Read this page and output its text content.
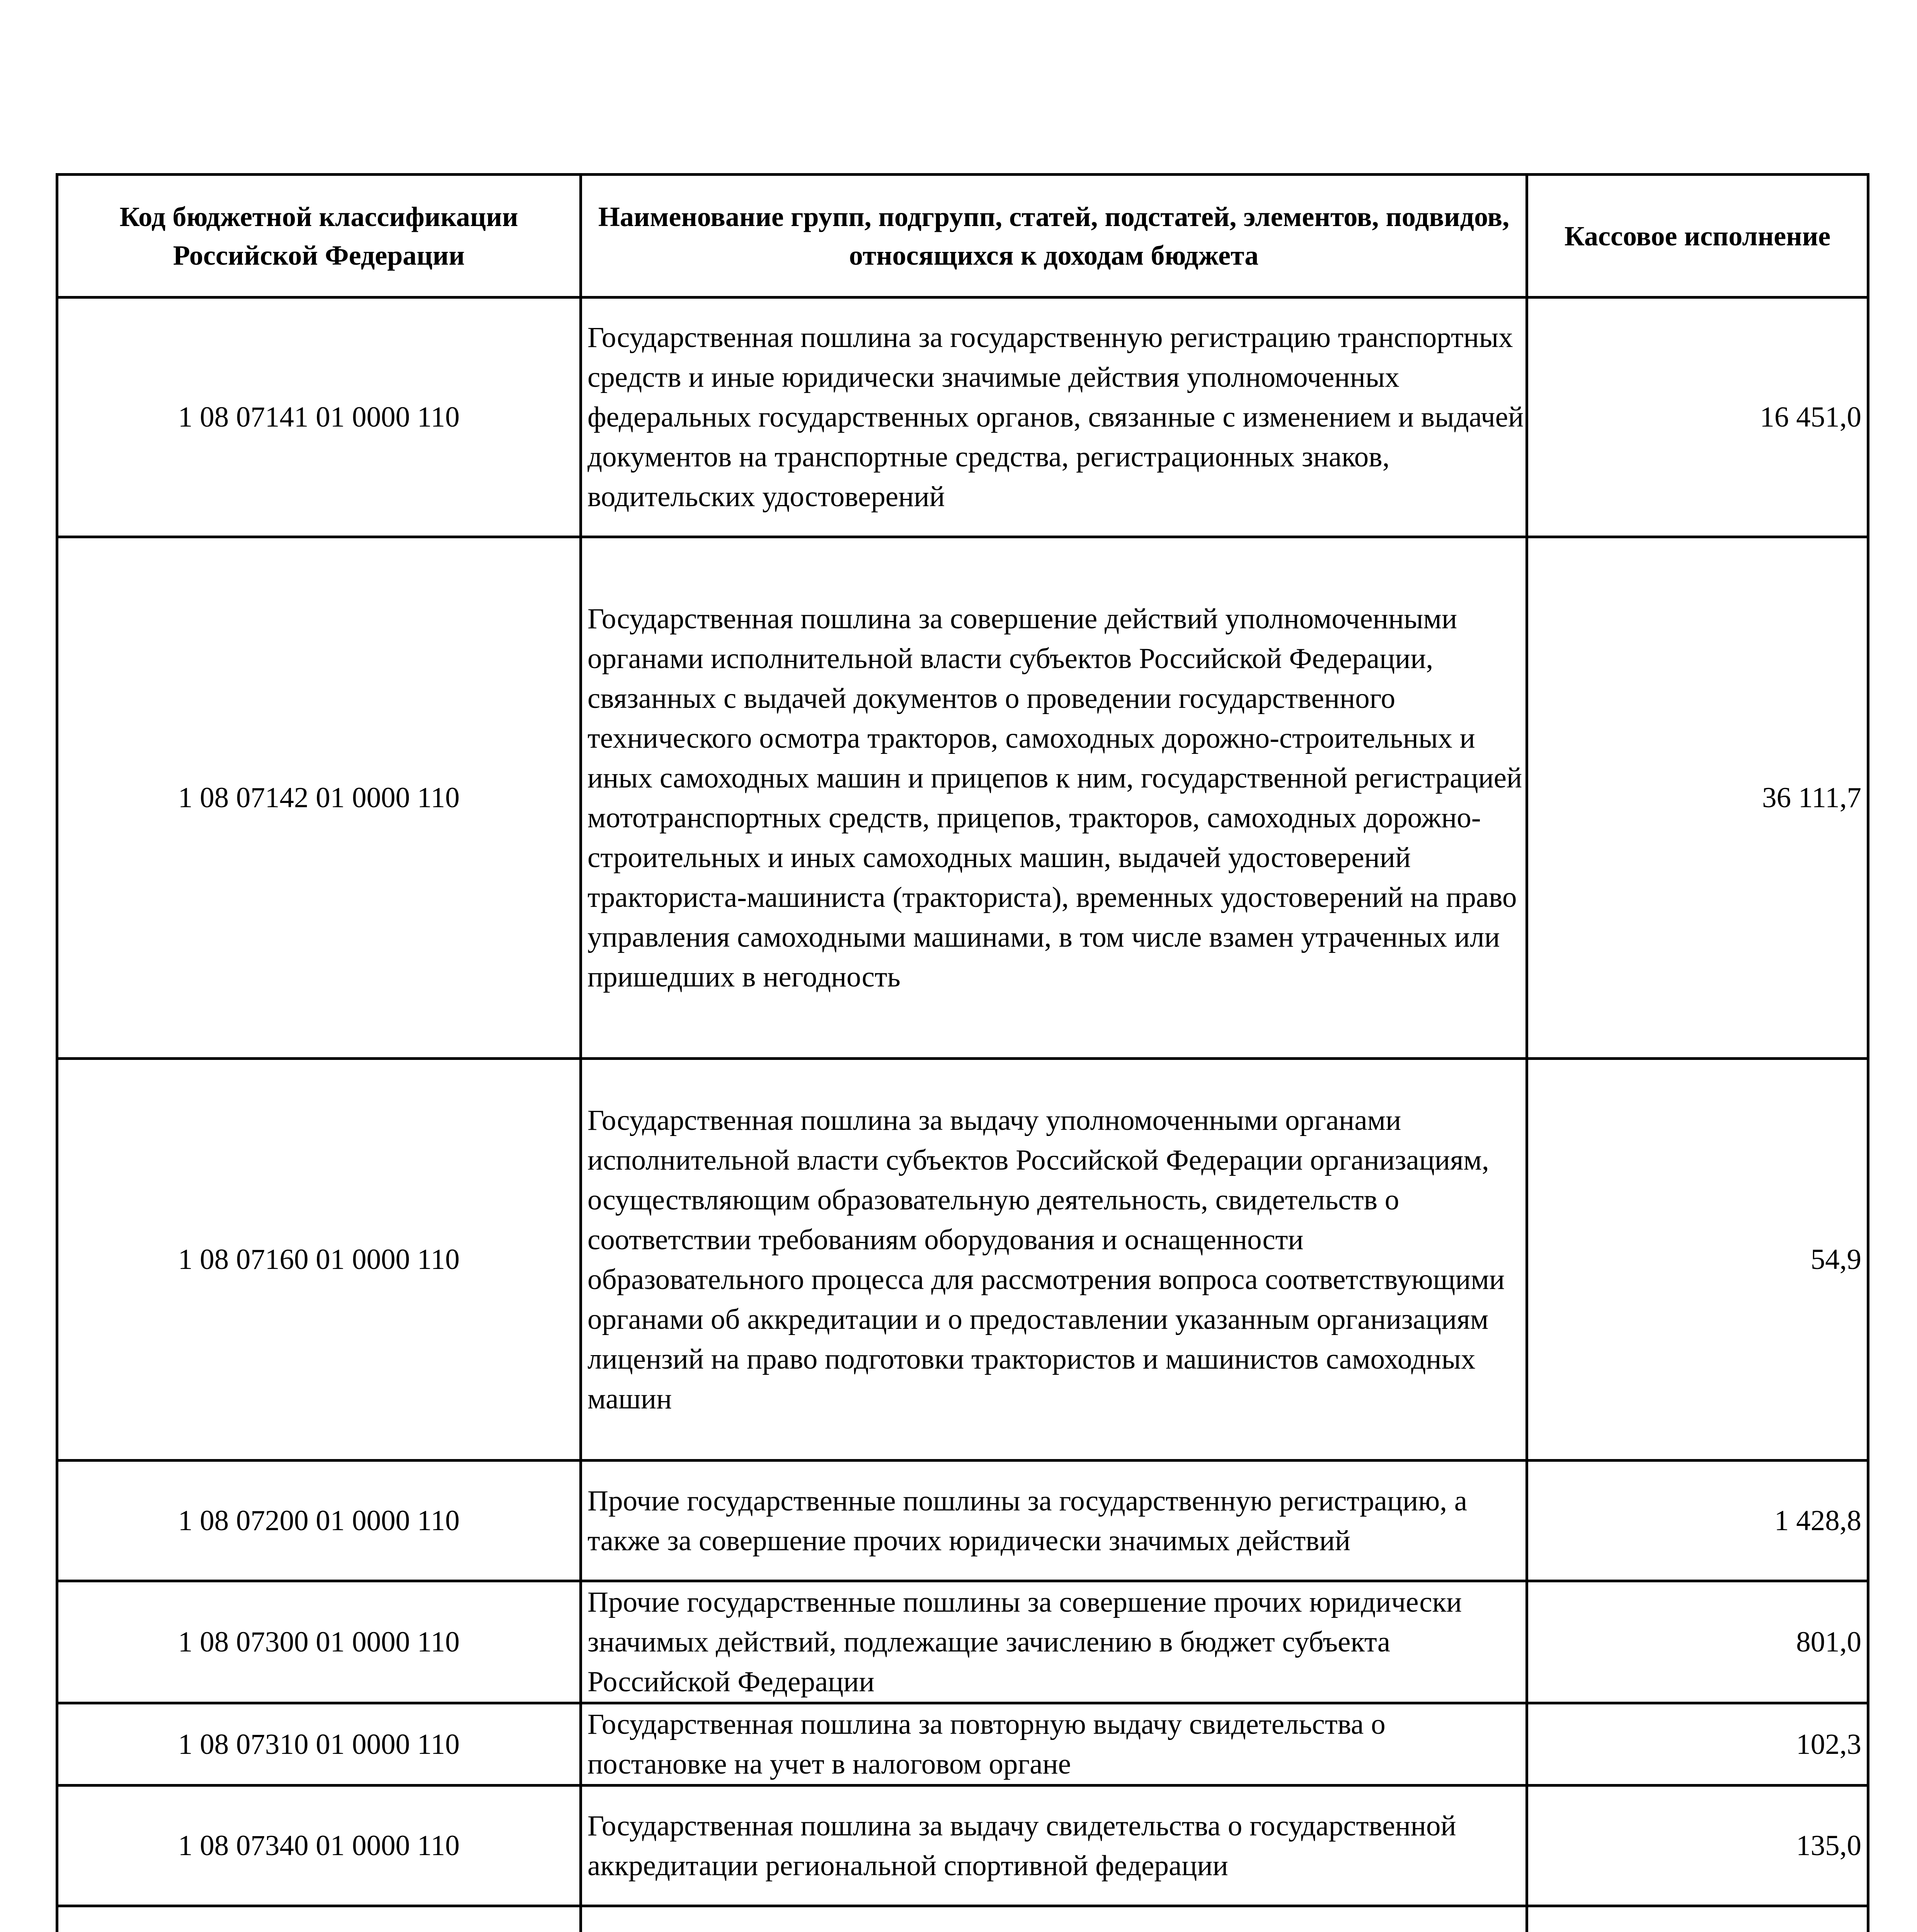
Код бюджетной классификации Российской Федерации	Наименование групп, подгрупп, статей, подстатей, элементов, подвидов, относящихся к доходам бюджета	Кассовое исполнение
1 08 07141 01 0000 110	Государственная пошлина за государственную регистрацию транспортных средств и иные юридически значимые действия уполномоченных федеральных государственных органов, связанные с изменением и выдачей документов на транспортные средства, регистрационных знаков, водительских удостоверений	16 451,0
1 08 07142 01 0000 110	Государственная пошлина за совершение действий уполномоченными органами исполнительной власти субъектов Российской Федерации, связанных с выдачей документов о проведении государственного технического осмотра тракторов, самоходных дорожно-строительных и иных самоходных машин и прицепов к ним, государственной регистрацией мототранспортных средств, прицепов, тракторов, самоходных дорожно-строительных и иных самоходных машин, выдачей удостоверений тракториста-машиниста (тракториста), временных удостоверений на право управления самоходными машинами, в том числе взамен утраченных или пришедших в негодность	36 111,7
1 08 07160 01 0000 110	Государственная пошлина за выдачу уполномоченными органами исполнительной власти субъектов Российской Федерации организациям, осуществляющим образовательную деятельность, свидетельств о соответствии требованиям оборудования и оснащенности образовательного процесса для рассмотрения вопроса соответствующими органами об аккредитации и о предоставлении указанным организациям лицензий на право подготовки трактористов и машинистов самоходных машин	54,9
1 08 07200 01 0000 110	Прочие государственные пошлины за государственную регистрацию, а также за совершение прочих юридически значимых действий	1 428,8
1 08 07300 01 0000 110	Прочие государственные пошлины за совершение прочих юридически значимых действий, подлежащие зачислению в бюджет субъекта Российской Федерации	801,0
1 08 07310 01 0000 110	Государственная пошлина за повторную выдачу свидетельства о постановке на учет в налоговом органе	102,3
1 08 07340 01 0000 110	Государственная пошлина за выдачу свидетельства о государственной аккредитации региональной спортивной федерации	135,0
